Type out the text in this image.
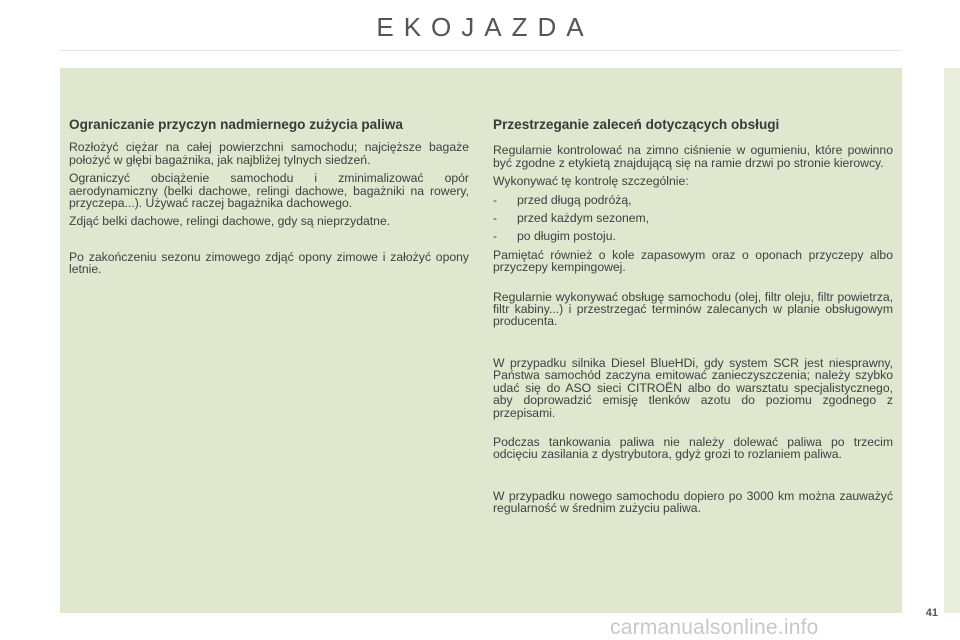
EKOJAZDA
Ograniczanie przyczyn nadmiernego zużycia paliwa
Rozłożyć ciężar na całej powierzchni samochodu; najcięższe bagaże położyć w głębi bagażnika, jak najbliżej tylnych siedzeń.
Ograniczyć obciążenie samochodu i zminimalizować opór aerodynamiczny (belki dachowe, relingi dachowe, bagażniki na rowery, przyczepa...). Używać raczej bagażnika dachowego.
Zdjąć belki dachowe, relingi dachowe, gdy są nieprzydatne.
Po zakończeniu sezonu zimowego zdjąć opony zimowe i założyć opony letnie.
Przestrzeganie zaleceń dotyczących obsługi
Regularnie kontrolować na zimno ciśnienie w ogumieniu, które powinno być zgodne z etykietą znajdującą się na ramie drzwi po stronie kierowcy.
Wykonywać tę kontrolę szczególnie:
- przed długą podróżą,
- przed każdym sezonem,
- po długim postoju.
Pamiętać również o kole zapasowym oraz o oponach przyczepy albo przyczepy kempingowej.
Regularnie wykonywać obsługę samochodu (olej, filtr oleju, filtr powietrza, filtr kabiny...) i przestrzegać terminów zalecanych w planie obsługowym producenta.
W przypadku silnika Diesel BlueHDi, gdy system SCR jest niesprawny, Państwa samochód zaczyna emitować zanieczyszczenia; należy szybko udać się do ASO sieci CITROËN albo do warsztatu specjalistycznego, aby doprowadzić emisję tlenków azotu do poziomu zgodnego z przepisami.
Podczas tankowania paliwa nie należy dolewać paliwa po trzecim odcięciu zasilania z dystrybutora, gdyż grozi to rozlaniem paliwa.
W przypadku nowego samochodu dopiero po 3000 km można zauważyć regularność w średnim zużyciu paliwa.
41
carmanualsonline.info
